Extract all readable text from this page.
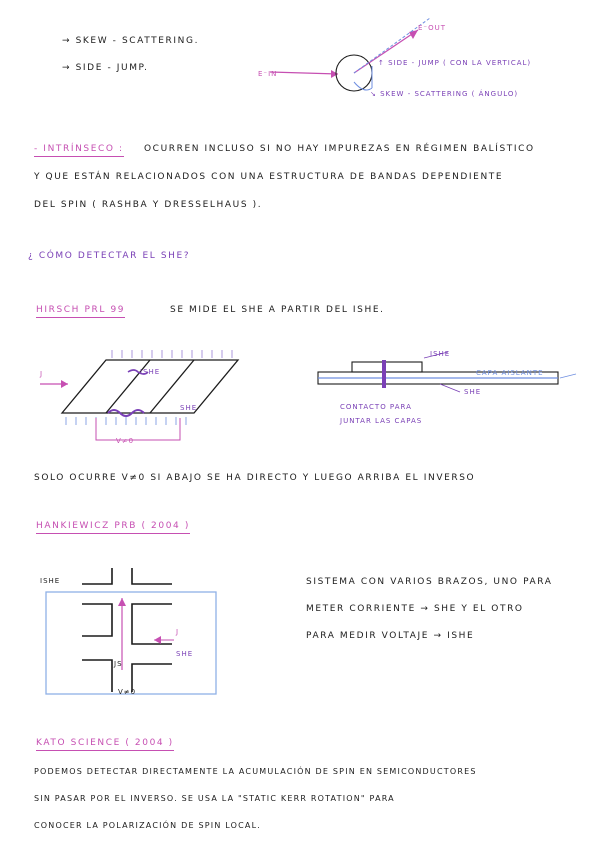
→ SKEW - SCATTERING.
→ SIDE - JUMP.
E⁻OUT
E⁻IN
↑ SIDE - JUMP ( CON LA VERTICAL)
↘ SKEW - SCATTERING ( ÁNGULO)
- INTRÍNSECO : OCURREN INCLUSO SI NO HAY IMPUREZAS EN RÉGIMEN BALÍSTICO
Y QUE ESTÁN RELACIONADOS CON UNA ESTRUCTURA DE BANDAS DEPENDIENTE
DEL SPIN ( RASHBA Y DRESSELHAUS ).
¿ CÓMO DETECTAR EL SHE?
HIRSCH PRL 99	SE MIDE EL SHE A PARTIR DEL ISHE.
J	ISHE
SHE
V≠0
ISHE
CAPA AISLANTE
SHE
CONTACTO PARA
JUNTAR LAS CAPAS
SOLO OCURRE V≠0 SI ABAJO SE HA DIRECTO Y LUEGO ARRIBA EL INVERSO
HANKIEWICZ PRB ( 2004 )
ISHE
J
SHE
JS
V≠0
SISTEMA CON VARIOS BRAZOS, UNO PARA
METER CORRIENTE → SHE Y EL OTRO
PARA MEDIR VOLTAJE → ISHE
KATO SCIENCE ( 2004 )
PODEMOS DETECTAR DIRECTAMENTE LA ACUMULACIÓN DE SPIN EN SEMICONDUCTORES
SIN PASAR POR EL INVERSO. SE USA LA "STATIC KERR ROTATION" PARA
CONOCER LA POLARIZACIÓN DE SPIN LOCAL.
